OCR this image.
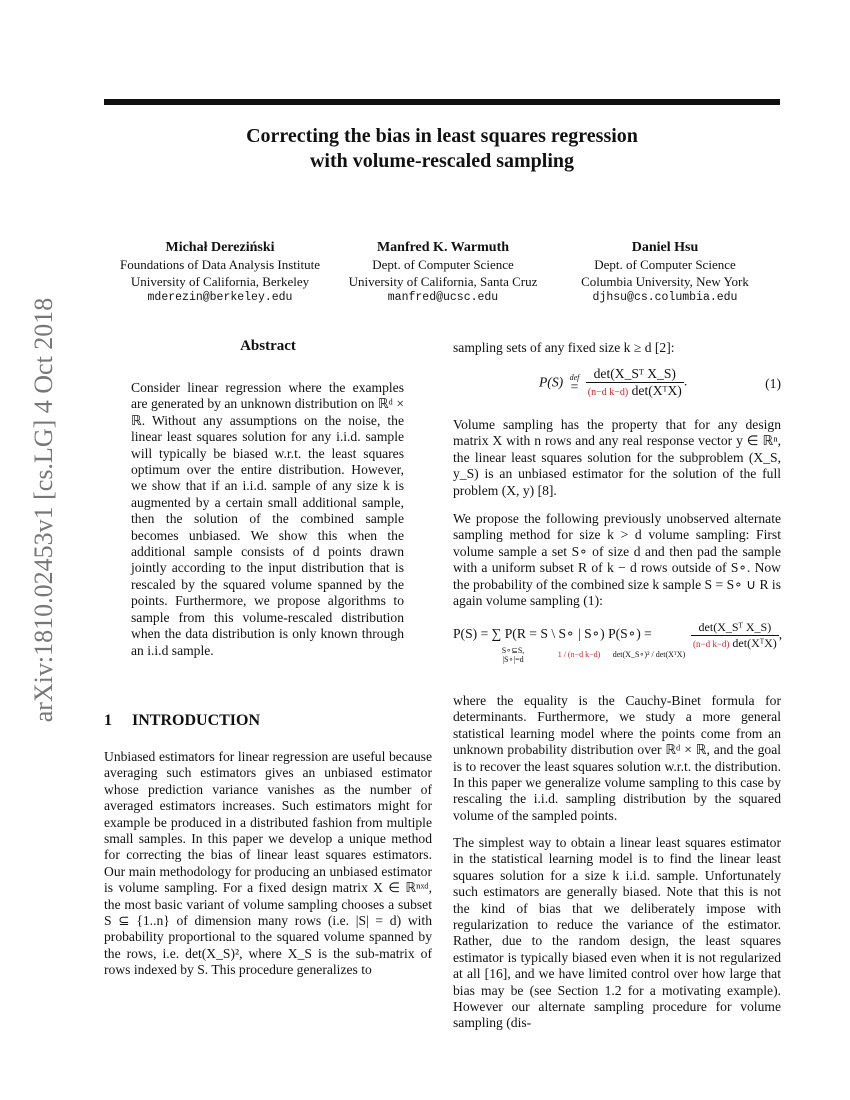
Correcting the bias in least squares regression
with volume-rescaled sampling
arXiv:1810.02453v1 [cs.LG] 4 Oct 2018
Michał Dereziński
Foundations of Data Analysis Institute
University of California, Berkeley
mderezin@berkeley.edu
Manfred K. Warmuth
Dept. of Computer Science
University of California, Santa Cruz
manfred@ucsc.edu
Daniel Hsu
Dept. of Computer Science
Columbia University, New York
djhsu@cs.columbia.edu
Abstract
Consider linear regression where the examples are generated by an unknown distribution on ℝᵈ × ℝ. Without any assumptions on the noise, the linear least squares solution for any i.i.d. sample will typically be biased w.r.t. the least squares optimum over the entire distribution. However, we show that if an i.i.d. sample of any size k is augmented by a certain small additional sample, then the solution of the combined sample becomes unbiased. We show this when the additional sample consists of d points drawn jointly according to the input distribution that is rescaled by the squared volume spanned by the points. Furthermore, we propose algorithms to sample from this volume-rescaled distribution when the data distribution is only known through an i.i.d sample.
1 INTRODUCTION
Unbiased estimators for linear regression are useful because averaging such estimators gives an unbiased estimator whose prediction variance vanishes as the number of averaged estimators increases. Such estimators might for example be produced in a distributed fashion from multiple small samples. In this paper we develop a unique method for correcting the bias of linear least squares estimators. Our main methodology for producing an unbiased estimator is volume sampling. For a fixed design matrix X ∈ ℝⁿˣᵈ, the most basic variant of volume sampling chooses a subset S ⊆ {1..n} of dimension many rows (i.e. |S| = d) with probability proportional to the squared volume spanned by the rows, i.e. det(X_S)², where X_S is the sub-matrix of rows indexed by S. This procedure generalizes to
sampling sets of any fixed size k ≥ d [2]:
P(S) def
=
$\frac{\text{det(X\_Sᵀ X\_S)}}{\text{(n−d k−d) det(XᵀX)}}$ .	(1)
Volume sampling has the property that for any design matrix X with n rows and any real response vector y ∈ ℝⁿ, the linear least squares solution for the subproblem (X_S, y_S) is an unbiased estimator for the solution of the full problem (X, y) [8].
We propose the following previously unobserved alternate sampling method for size k > d volume sampling: First volume sample a set S∘ of size d and then pad the sample with a uniform subset R of k − d rows outside of S∘. Now the probability of the combined size k sample S = S∘ ∪ R is again volume sampling (1):
P(S) = ∑ P(R = S \ S∘ | S∘) P(S∘) =
S∘⊆S, |S∘|=d
1 / (n−d k−d)	det(X_S∘)² / det(XᵀX)
$\frac{\text{det(X\_Sᵀ X\_S)}}{\text{(n−d k−d) det(XᵀX)}}$ ,
where the equality is the Cauchy-Binet formula for determinants. Furthermore, we study a more general statistical learning model where the points come from an unknown probability distribution over ℝᵈ × ℝ, and the goal is to recover the least squares solution w.r.t. the distribution. In this paper we generalize volume sampling to this case by rescaling the i.i.d. sampling distribution by the squared volume of the sampled points.
The simplest way to obtain a linear least squares estimator in the statistical learning model is to find the linear least squares solution for a size k i.i.d. sample. Unfortunately such estimators are generally biased. Note that this is not the kind of bias that we deliberately impose with regularization to reduce the variance of the estimator. Rather, due to the random design, the least squares estimator is typically biased even when it is not regularized at all [16], and we have limited control over how large that bias may be (see Section 1.2 for a motivating example). However our alternate sampling procedure for volume sampling (dis-
